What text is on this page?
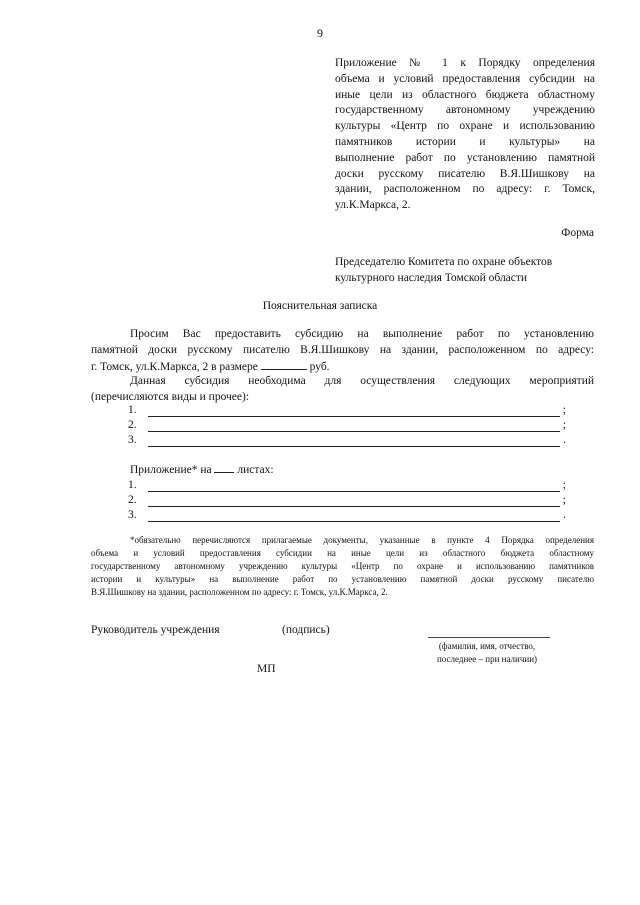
9
Приложение № 1 к Порядку определения
объема и условий предоставления субсидии на
иные цели из областного бюджета областному
государственному автономному учреждению
культуры «Центр по охране и использованию
памятников истории и культуры» на
выполнение работ по установлению памятной
доски русскому писателю В.Я.Шишкову на
здании, расположенном по адресу: г. Томск,
ул.К.Маркса, 2.
Форма
Председателю Комитета по охране объектов
культурного наследия Томской области
Пояснительная записка
Просим Вас предоставить субсидию на выполнение работ по установлению
памятной доски русскому писателю В.Я.Шишкову на здании, расположенном по адресу:
г. Томск, ул.К.Маркса, 2 в размере	руб.
Данная субсидия необходима для осуществления следующих мероприятий
(перечисляются виды и прочее):
1.	;
2.	;
3.	.
Приложение* на листах:
1.	;
2.	;
3.	.
*обязательно перечисляются прилагаемые документы, указанные в пункте 4 Порядка определения
объема и условий предоставления субсидии на иные цели из областного бюджета областному
государственному автономному учреждению культуры «Центр по охране и использованию памятников
истории и культуры» на выполнение работ по установлению памятной доски русскому писателю
В.Я.Шишкову на здании, расположенном по адресу: г. Томск, ул.К.Маркса, 2.
Руководитель учреждения	(подпись)
(фамилия, имя, отчество,
последнее – при наличии)
МП
